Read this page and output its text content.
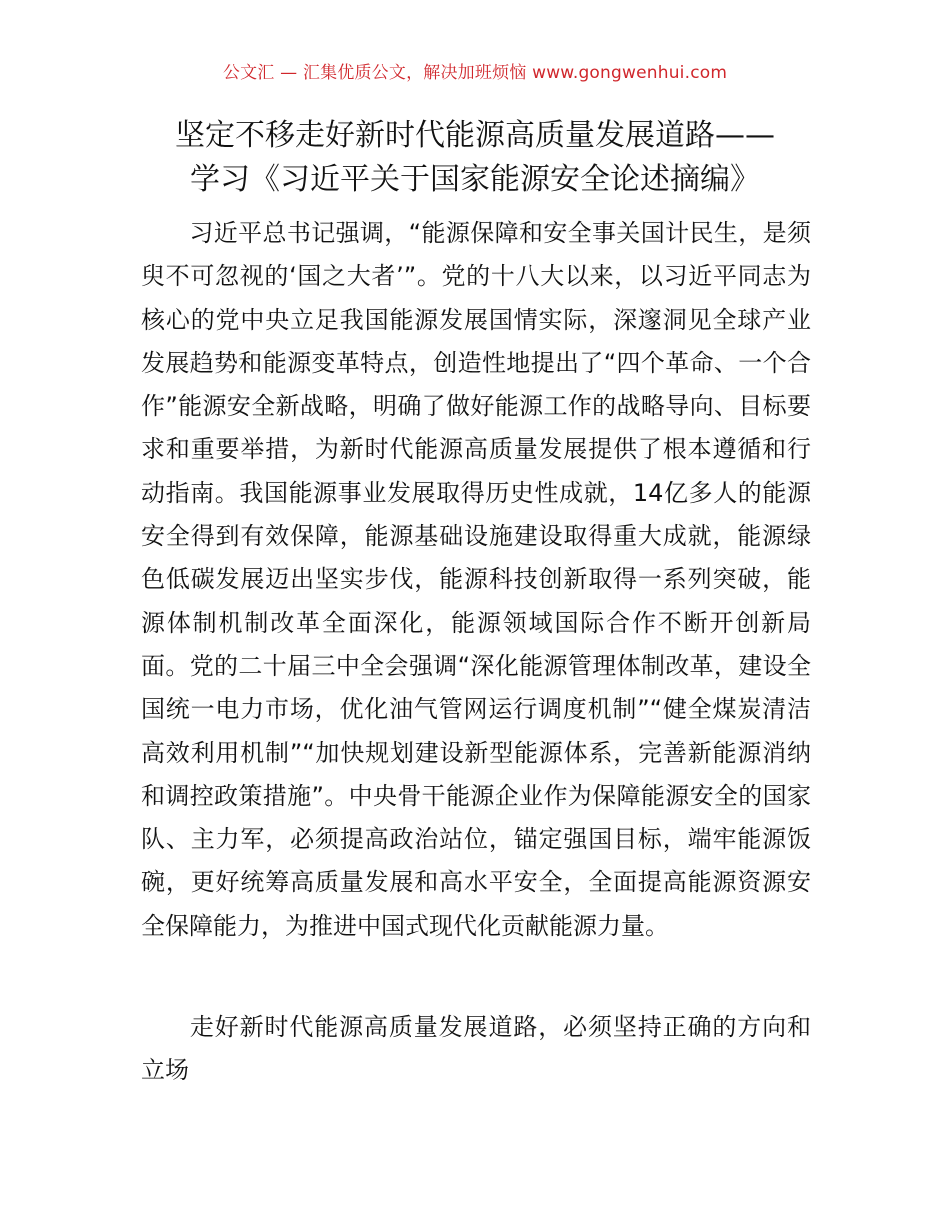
公文汇 — 汇集优质公文，解决加班烦恼 www.gongwenhui.com
坚定不移走好新时代能源高质量发展道路——
学习《习近平关于国家能源安全论述摘编》
习近平总书记强调，“能源保障和安全事关国计民生，是须臾不可忽视的‘国之大者’”。党的十八大以来，以习近平同志为核心的党中央立足我国能源发展国情实际，深邃洞见全球产业发展趋势和能源变革特点，创造性地提出了“四个革命、一个合作”能源安全新战略，明确了做好能源工作的战略导向、目标要求和重要举措，为新时代能源高质量发展提供了根本遵循和行动指南。我国能源事业发展取得历史性成就，14亿多人的能源安全得到有效保障，能源基础设施建设取得重大成就，能源绿色低碳发展迈出坚实步伐，能源科技创新取得一系列突破，能源体制机制改革全面深化，能源领域国际合作不断开创新局面。党的二十届三中全会强调“深化能源管理体制改革，建设全国统一电力市场，优化油气管网运行调度机制”“健全煤炭清洁高效利用机制”“加快规划建设新型能源体系，完善新能源消纳和调控政策措施”。中央骨干能源企业作为保障能源安全的国家队、主力军，必须提高政治站位，锚定强国目标，端牢能源饭碗，更好统筹高质量发展和高水平安全，全面提高能源资源安全保障能力，为推进中国式现代化贡献能源力量。
走好新时代能源高质量发展道路，必须坚持正确的方向和立场
